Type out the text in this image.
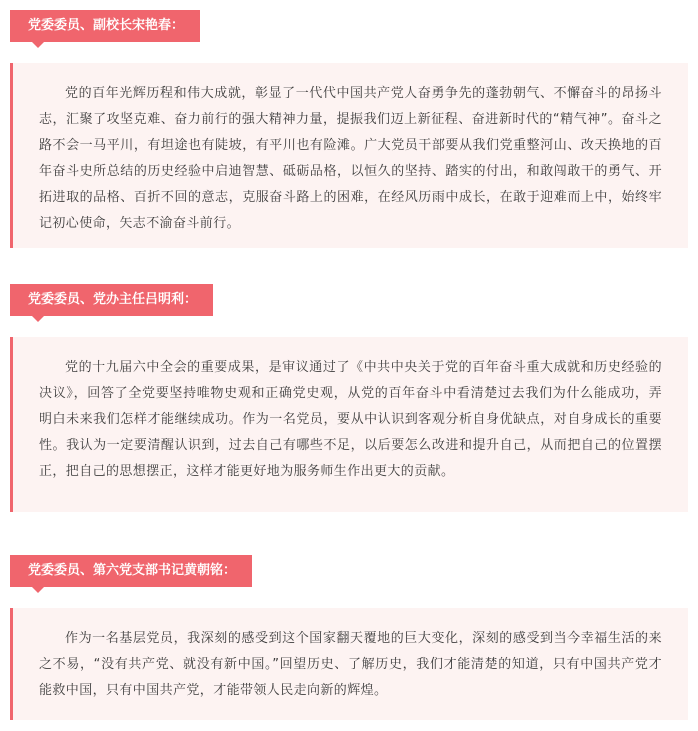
党委委员、副校长宋艳春：

党的百年光辉历程和伟大成就，彰显了一代代中国共产党人奋勇争先的蓬勃朝气、不懈奋斗的昂扬斗志，汇聚了攻坚克难、奋力前行的强大精神力量，提振我们迈上新征程、奋进新时代的“精气神”。奋斗之路不会一马平川，有坦途也有陡坡，有平川也有险滩。广大党员干部要从我们党重整河山、改天换地的百年奋斗史所总结的历史经验中启迪智慧、砥砺品格，以恒久的坚持、踏实的付出，和敢闯敢干的勇气、开拓进取的品格、百折不回的意志，克服奋斗路上的困难，在经风历雨中成长，在敢于迎难而上中，始终牢记初心使命，矢志不渝奋斗前行。

党委委员、党办主任吕明利：

党的十九届六中全会的重要成果，是审议通过了《中共中央关于党的百年奋斗重大成就和历史经验的决议》，回答了全党要坚持唯物史观和正确党史观，从党的百年奋斗中看清楚过去我们为什么能成功，弄明白未来我们怎样才能继续成功。作为一名党员，要从中认识到客观分析自身优缺点，对自身成长的重要性。我认为一定要清醒认识到，过去自己有哪些不足，以后要怎么改进和提升自己，从而把自己的位置摆正，把自己的思想摆正，这样才能更好地为服务师生作出更大的贡献。

党委委员、第六党支部书记黄朝铭：

作为一名基层党员，我深刻的感受到这个国家翻天覆地的巨大变化，深刻的感受到当今幸福生活的来之不易，“没有共产党、就没有新中国。”回望历史、了解历史，我们才能清楚的知道，只有中国共产党才能救中国，只有中国共产党，才能带领人民走向新的辉煌。
